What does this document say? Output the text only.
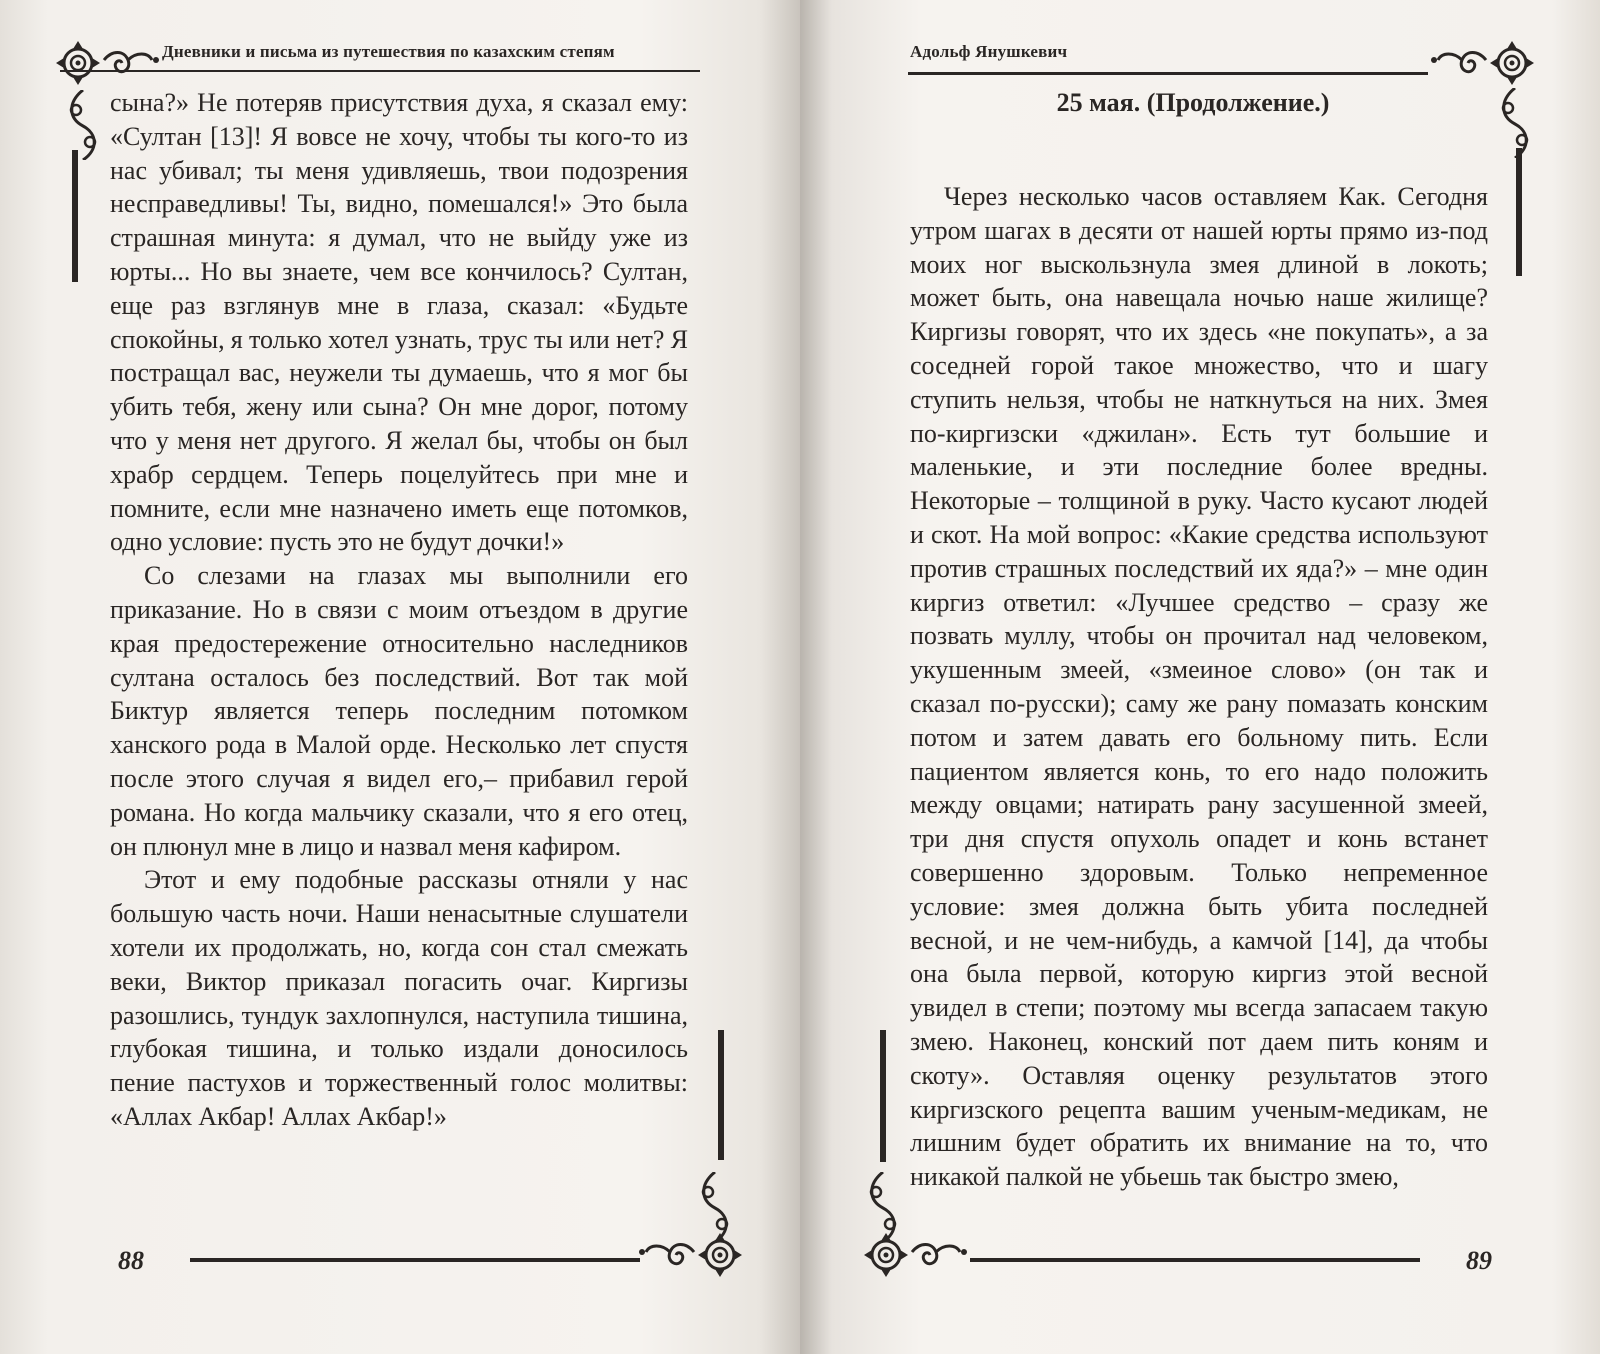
Дневники и письма из путешествия по казахским степям

сына?» Не потеряв присутствия духа, я сказал ему: «Султан [13]! Я вовсе не хочу, чтобы ты кого-то из нас убивал; ты меня удивляешь, твои подозрения несправедливы! Ты, видно, помешался!» Это была страшная минута: я думал, что не выйду уже из юрты... Но вы знаете, чем все кончилось? Султан, еще раз взглянув мне в глаза, сказал: «Будьте спокойны, я только хотел узнать, трус ты или нет? Я постращал вас, неужели ты думаешь, что я мог бы убить тебя, жену или сына? Он мне дорог, потому что у меня нет другого. Я желал бы, чтобы он был храбр сердцем. Теперь поцелуйтесь при мне и помните, если мне назначено иметь еще потомков, одно условие: пусть это не будут дочки!»

Со слезами на глазах мы выполнили его приказание. Но в связи с моим отъездом в другие края предостережение относительно наследников султана осталось без последствий. Вот так мой Биктур является теперь последним потомком ханского рода в Малой орде. Несколько лет спустя после этого случая я видел его,– прибавил герой романа. Но когда мальчику сказали, что я его отец, он плюнул мне в лицо и назвал меня кафиром.

Этот и ему подобные рассказы отняли у нас большую часть ночи. Наши ненасытные слушатели хотели их продолжать, но, когда сон стал смежать веки, Виктор приказал погасить очаг. Киргизы разошлись, тундук захлопнулся, наступила тишина, глубокая тишина, и только издали доносилось пение пастухов и торжественный голос молитвы: «Аллах Акбар! Аллах Акбар!»

88
Адольф Янушкевич
25 мая. (Продолжение.)

Через несколько часов оставляем Как. Сегодня утром шагах в десяти от нашей юрты прямо из-под моих ног выскользнула змея длиной в локоть; может быть, она навещала ночью наше жилище? Киргизы говорят, что их здесь «не покупать», а за соседней горой такое множество, что и шагу ступить нельзя, чтобы не наткнуться на них. Змея по-киргизски «джилан». Есть тут большие и маленькие, и эти последние более вредны. Некоторые – толщиной в руку. Часто кусают людей и скот. На мой вопрос: «Какие средства используют против страшных последствий их яда?» – мне один киргиз ответил: «Лучшее средство – сразу же позвать муллу, чтобы он прочитал над человеком, укушенным змеей, «змеиное слово» (он так и сказал по-русски); саму же рану помазать конским потом и затем давать его больному пить. Если пациентом является конь, то его надо положить между овцами; натирать рану засушенной змеей, три дня спустя опухоль опадет и конь встанет совершенно здоровым. Только непременное условие: змея должна быть убита последней весной, и не чем-нибудь, а камчой [14], да чтобы она была первой, которую киргиз этой весной увидел в степи; поэтому мы всегда запасаем такую змею. Наконец, конский пот даем пить коням и скоту». Оставляя оценку результатов этого киргизского рецепта вашим ученым-медикам, не лишним будет обратить их внимание на то, что никакой палкой не убьешь так быстро змею,

89
